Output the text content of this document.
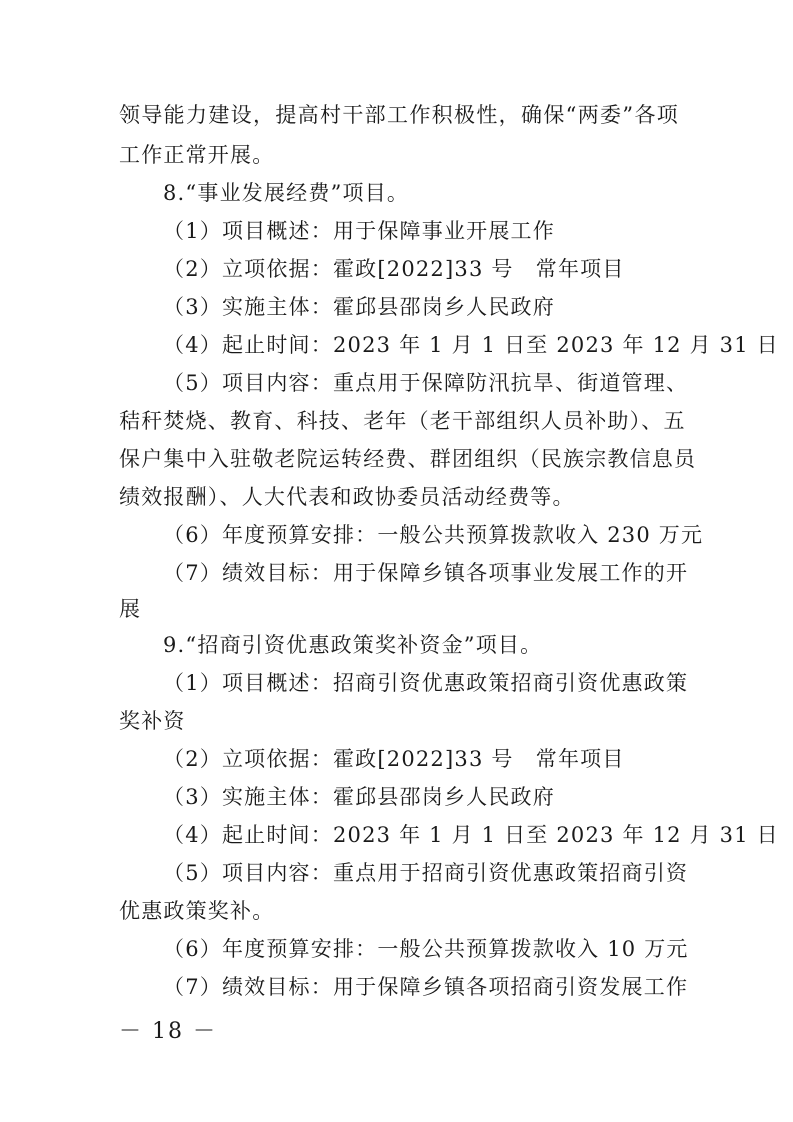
领导能力建设，提高村干部工作积极性，确保“两委”各项
工作正常开展。
8.“事业发展经费”项目。
（1）项目概述：用于保障事业开展工作
（2）立项依据：霍政[2022]33 号　常年项目
（3）实施主体：霍邱县邵岗乡人民政府
（4）起止时间：2023 年 1 月 1 日至 2023 年 12 月 31 日
（5）项目内容：重点用于保障防汛抗旱、街道管理、
秸秆焚烧、教育、科技、老年（老干部组织人员补助）、五
保户集中入驻敬老院运转经费、群团组织（民族宗教信息员
绩效报酬）、人大代表和政协委员活动经费等。
（6）年度预算安排：一般公共预算拨款收入 230 万元
（7）绩效目标：用于保障乡镇各项事业发展工作的开
展
9.“招商引资优惠政策奖补资金”项目。
（1）项目概述：招商引资优惠政策招商引资优惠政策
奖补资
（2）立项依据：霍政[2022]33 号　常年项目
（3）实施主体：霍邱县邵岗乡人民政府
（4）起止时间：2023 年 1 月 1 日至 2023 年 12 月 31 日
（5）项目内容：重点用于招商引资优惠政策招商引资
优惠政策奖补。
（6）年度预算安排：一般公共预算拨款收入 10 万元
（7）绩效目标：用于保障乡镇各项招商引资发展工作
－ 18 －
